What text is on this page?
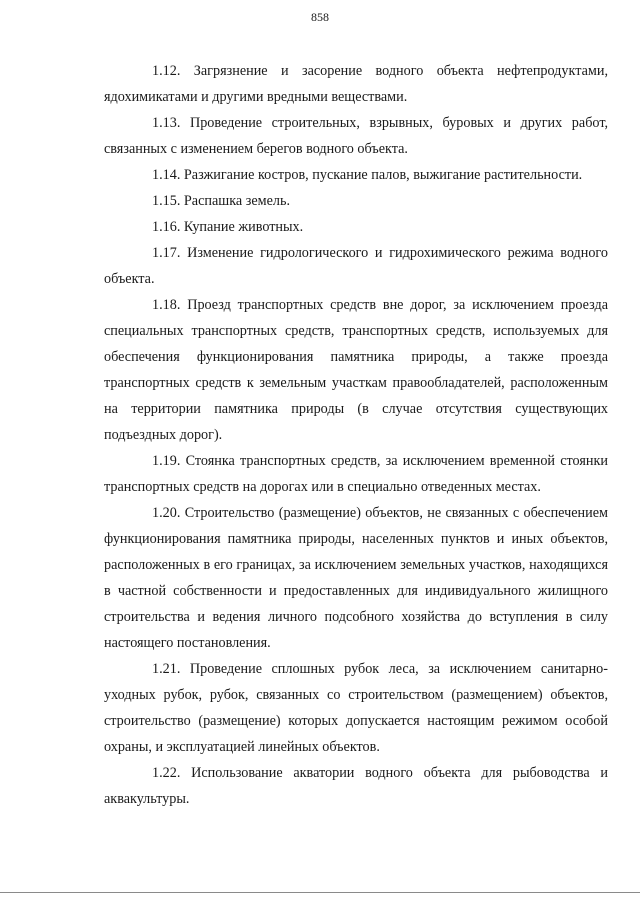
858

1.12. Загрязнение и засорение водного объекта нефтепродуктами, ядохимикатами и другими вредными веществами.

1.13. Проведение строительных, взрывных, буровых и других работ, связанных с изменением берегов водного объекта.

1.14. Разжигание костров, пускание палов, выжигание растительности.

1.15. Распашка земель.

1.16. Купание животных.

1.17. Изменение гидрологического и гидрохимического режима водного объекта.

1.18. Проезд транспортных средств вне дорог, за исключением проезда специальных транспортных средств, транспортных средств, используемых для обеспечения функционирования памятника природы, а также проезда транспортных средств к земельным участкам правообладателей, расположенным на территории памятника природы (в случае отсутствия существующих подъездных дорог).

1.19. Стоянка транспортных средств, за исключением временной стоянки транспортных средств на дорогах или в специально отведенных местах.

1.20. Строительство (размещение) объектов, не связанных с обеспечением функционирования памятника природы, населенных пунктов и иных объектов, расположенных в его границах, за исключением земельных участков, находящихся в частной собственности и предоставленных для индивидуального жилищного строительства и ведения личного подсобного хозяйства до вступления в силу настоящего постановления.

1.21. Проведение сплошных рубок леса, за исключением санитарно-уходных рубок, рубок, связанных со строительством (размещением) объектов, строительство (размещение) которых допускается настоящим режимом особой охраны, и эксплуатацией линейных объектов.

1.22. Использование акватории водного объекта для рыбоводства и аквакультуры.
